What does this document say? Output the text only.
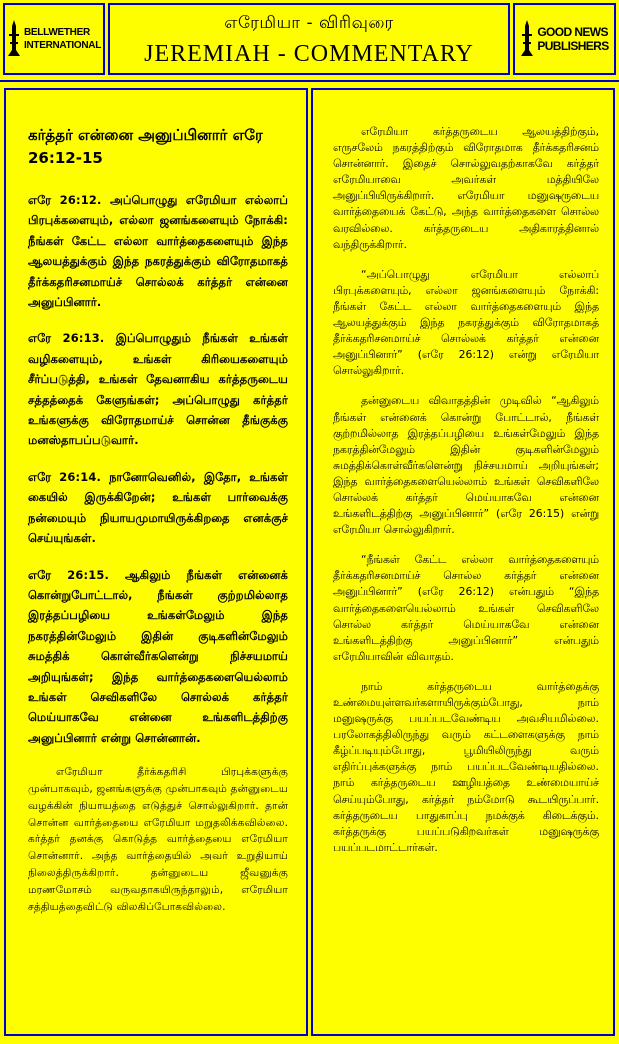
BELLWETHER
INTERNATIONAL
எரேமியா - விரிவுரை
JEREMIAH - COMMENTARY
GOOD NEWS
PUBLISHERS
கர்த்தர் என்னை அனுப்பினார் எரே 26:12-15

எரே 26:12. அப்பொழுது எரேமியா எல்லாப் பிரபுக்களையும், எல்லா ஜனங்களையும் நோக்கி: நீங்கள் கேட்ட எல்லா வார்த்தைகளையும் இந்த ஆலயத்துக்கும் இந்த நகரத்துக்கும் விரோதமாகத் தீர்க்கதரிசனமாய்ச் சொல்லக் கர்த்தர் என்னை அனுப்பினார்.

எரே 26:13. இப்பொழுதும் நீங்கள் உங்கள் வழிகளையும், உங்கள் கிரியைகளையும் சீர்ப்படுத்தி, உங்கள் தேவனாகிய கர்த்தருடைய சத்தத்தைக் கேளுங்கள்; அப்பொழுது கர்த்தர் உங்களுக்கு விரோதமாய்ச் சொன்ன தீங்குக்கு மனஸ்தாபப்படுவார்.

எரே 26:14. நானோவெனில், இதோ, உங்கள் கையில் இருக்கிறேன்; உங்கள் பார்வைக்கு நன்மையும் நியாயமுமாயிருக்கிறதை எனக்குச் செய்யுங்கள்.

எரே 26:15. ஆகிலும் நீங்கள் என்னைக் கொன்றுபோட்டால், நீங்கள் குற்றமில்லாத இரத்தப்பழியை உங்கள்மேலும் இந்த நகரத்தின்மேலும் இதின் குடிகளின்மேலும் சுமத்திக் கொள்வீர்களென்று நிச்சயமாய் அறியுங்கள்; இந்த வார்த்தைகளையெல்லாம் உங்கள் செவிகளிலே சொல்லக் கர்த்தர் மெய்யாகவே என்னை உங்களிடத்திற்கு அனுப்பினார் என்று சொன்னான்.

எரேமியா தீர்க்கதரிசி பிரபுக்களுக்கு முன்பாகவும், ஜனங்களுக்கு முன்பாகவும் தன்னுடைய வழக்கின் நியாயத்தை எடுத்துச் சொல்லுகிறார். தான் சொன்ன வார்த்தையை எரேமியா மறுதலிக்கவில்லை. கர்த்தர் தனக்கு கொடுத்த வார்த்தையை எரேமியா சொன்னார். அந்த வார்த்தையில் அவர் உறுதியாய் நிலைத்திருக்கிறார். தன்னுடைய ஜீவனுக்கு மரணமோசம் வருவதாகயிருந்தாலும், எரேமியா சத்தியத்தைவிட்டு விலகிப்போகவில்லை.

எரேமியா கர்த்தருடைய ஆலயத்திற்கும், எருசலேம் நகரத்திற்கும் விரோதமாக தீர்க்கதரிசனம் சொன்னார். இதைச் சொல்லுவதற்காகவே கர்த்தர் எரேமியாவை அவர்கள் மத்தியிலே அனுப்பியிருக்கிறார். எரேமியா மனுஷருடைய வார்த்தையைக் கேட்டு, அந்த வார்த்தைகளை சொல்ல வரவில்லை. கர்த்தருடைய அதிகாரத்தினால் வந்திருக்கிறார்.

“அப்பொழுது எரேமியா எல்லாப் பிரபுக்களையும், எல்லா ஜனங்களையும் நோக்கி: நீங்கள் கேட்ட எல்லா வார்த்தைகளையும் இந்த ஆலயத்துக்கும் இந்த நகரத்துக்கும் விரோதமாகத் தீர்க்கதரிசனமாய்ச் சொல்லக் கர்த்தர் என்னை அனுப்பினார்” (எரே 26:12) என்று எரேமியா சொல்லுகிறார்.

தன்னுடைய விவாதத்தின் முடிவில் “ஆகிலும் நீங்கள் என்னைக் கொன்று போட்டால், நீங்கள் குற்றமில்லாத இரத்தப்பழியை உங்கள்மேலும் இந்த நகரத்தின்மேலும் இதின் குடிகளின்மேலும் சுமத்திக்கொள்வீர்களென்று நிச்சயமாய் அறியுங்கள்; இந்த வார்த்தைகளையெல்லாம் உங்கள் செவிகளிலே சொல்லக் கர்த்தர் மெய்யாகவே என்னை உங்களிடத்திற்கு அனுப்பினார்” (எரே 26:15) என்று எரேமியா சொல்லுகிறார்.

“நீங்கள் கேட்ட எல்லா வார்த்தைகளையும் தீர்க்கதரிசனமாய்ச் சொல்ல கர்த்தர் என்னை அனுப்பினார்” (எரே 26:12) என்பதும் “இந்த வார்த்தைகளையெல்லாம் உங்கள் செவிகளிலே சொல்ல கர்த்தர் மெய்யாகவே என்னை உங்களிடத்திற்கு அனுப்பினார்” என்பதும் எரேமியாவின் விவாதம்.

நாம் கர்த்தருடைய வார்த்தைக்கு உண்மையுள்ளவர்களாயிருக்கும்போது, நாம் மனுஷருக்கு பயப்படவேண்டிய அவசியமில்லை. பரலோகத்திலிருந்து வரும் கட்டளைகளுக்கு நாம் கீழ்ப்படியும்போது, பூமியிலிருந்து வரும் எதிர்ப்புக்களுக்கு நாம் பயப்படவேண்டியதில்லை. நாம் கர்த்தருடைய ஊழியத்தை உண்மையாய்ச் செய்யும்போது, கர்த்தர் நம்மோடு கூடயிருப்பார். கர்த்தருடைய பாதுகாப்பு நமக்குக் கிடைக்கும். கர்த்தருக்கு பயப்படுகிறவர்கள் மனுஷருக்கு பயப்படமாட்டார்கள்.
